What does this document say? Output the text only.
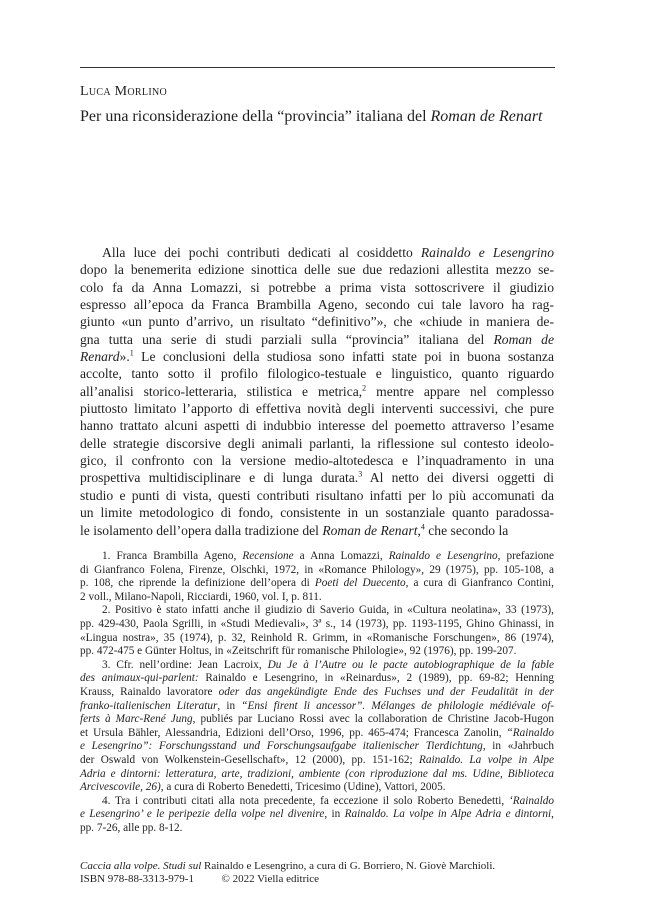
Luca Morlino
Per una riconsiderazione della “provincia” italiana del Roman de Renart
Alla luce dei pochi contributi dedicati al cosiddetto Rainaldo e Lesengrino
dopo la benemerita edizione sinottica delle sue due redazioni allestita mezzo se-
colo fa da Anna Lomazzi, si potrebbe a prima vista sottoscrivere il giudizio
espresso all’epoca da Franca Brambilla Ageno, secondo cui tale lavoro ha rag-
giunto «un punto d’arrivo, un risultato “definitivo”», che «chiude in maniera de-
gna tutta una serie di studi parziali sulla “provincia” italiana del Roman de
Renard».$^1$ Le conclusioni della studiosa sono infatti state poi in buona sostanza
accolte, tanto sotto il profilo filologico-testuale e linguistico, quanto riguardo
all’analisi storico-letteraria, stilistica e metrica,$^2$ mentre appare nel complesso
piuttosto limitato l’apporto di effettiva novità degli interventi successivi, che pure
hanno trattato alcuni aspetti di indubbio interesse del poemetto attraverso l’esame
delle strategie discorsive degli animali parlanti, la riflessione sul contesto ideolo-
gico, il confronto con la versione medio-altotedesca e l’inquadramento in una
prospettiva multidisciplinare e di lunga durata.$^3$ Al netto dei diversi oggetti di
studio e punti di vista, questi contributi risultano infatti per lo più accomunati da
un limite metodologico di fondo, consistente in un sostanziale quanto paradossa-
le isolamento dell’opera dalla tradizione del Roman de Renart,$^4$ che secondo la
1. Franca Brambilla Ageno, Recensione a Anna Lomazzi, Rainaldo e Lesengrino, prefazione
di Gianfranco Folena, Firenze, Olschki, 1972, in «Romance Philology», 29 (1975), pp. 105-108, a
p. 108, che riprende la definizione dell’opera di Poeti del Duecento, a cura di Gianfranco Contini,
2 voll., Milano-Napoli, Ricciardi, 1960, vol. I, p. 811.
2. Positivo è stato infatti anche il giudizio di Saverio Guida, in «Cultura neolatina», 33 (1973),
pp. 429-430, Paola Sgrilli, in «Studi Medievali», 3ª s., 14 (1973), pp. 1193-1195, Ghino Ghinassi, in
«Lingua nostra», 35 (1974), p. 32, Reinhold R. Grimm, in «Romanische Forschungen», 86 (1974),
pp. 472-475 e Günter Holtus, in «Zeitschrift für romanische Philologie», 92 (1976), pp. 199-207.
3. Cfr. nell’ordine: Jean Lacroix, Du Je à l’Autre ou le pacte autobiographique de la fable
des animaux-qui-parlent: Rainaldo e Lesengrino, in «Reinardus», 2 (1989), pp. 69-82; Henning
Krauss, Rainaldo lavoratore oder das angekündigte Ende des Fuchses und der Feudalität in der
franko-italienischen Literatur, in “Ensi firent li ancessor”. Mélanges de philologie médiévale of-
ferts à Marc-René Jung, publiés par Luciano Rossi avec la collaboration de Christine Jacob-Hugon
et Ursula Bähler, Alessandria, Edizioni dell’Orso, 1996, pp. 465-474; Francesca Zanolin, “Rainaldo
e Lesengrino”: Forschungsstand und Forschungsaufgabe italienischer Tierdichtung, in «Jahrbuch
der Oswald von Wolkenstein-Gesellschaft», 12 (2000), pp. 151-162; Rainaldo. La volpe in Alpe
Adria e dintorni: letteratura, arte, tradizioni, ambiente (con riproduzione dal ms. Udine, Biblioteca
Arcivescovile, 26), a cura di Roberto Benedetti, Tricesimo (Udine), Vattori, 2005.
4. Tra i contributi citati alla nota precedente, fa eccezione il solo Roberto Benedetti, ‘Rainaldo
e Lesengrino’ e le peripezie della volpe nel divenire, in Rainaldo. La volpe in Alpe Adria e dintorni,
pp. 7-26, alle pp. 8-12.
Caccia alla volpe. Studi sul Rainaldo e Lesengrino, a cura di G. Borriero, N. Giovè Marchioli.
ISBN 978-88-3313-979-1          © 2022 Viella editrice
